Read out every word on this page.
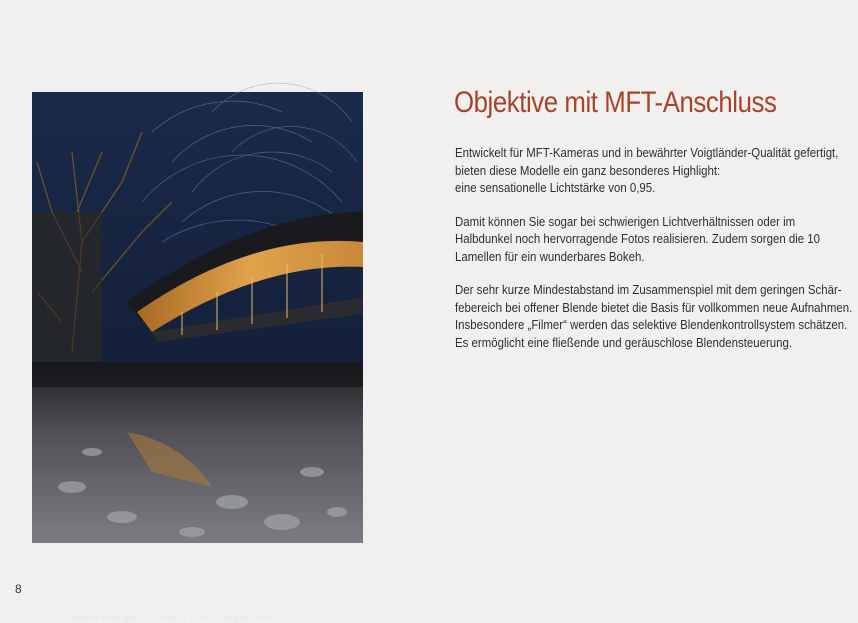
Markus Hullinger • 10,5 mm / F 0,95 • Olympus E-M10 II
Objektive mit MFT-Anschluss

Entwickelt für MFT-Kameras und in bewährter Voigtländer-Qualität gefertigt,
bieten diese Modelle ein ganz besonderes Highlight:
eine sensationelle Lichtstärke von 0,95.

Damit können Sie sogar bei schwierigen Lichtverhältnissen oder im
Halbdunkel noch hervorragende Fotos realisieren. Zudem sorgen die 10
Lamellen für ein wunderbares Bokeh.

Der sehr kurze Mindestabstand im Zusammenspiel mit dem geringen Schär-
febereich bei offener Blende bietet die Basis für vollkommen neue Aufnahmen.
Insbesondere „Filmer“ werden das selektive Blendenkontrollsystem schätzen.
Es ermöglicht eine fließende und geräuschlose Blendensteuerung.

8
